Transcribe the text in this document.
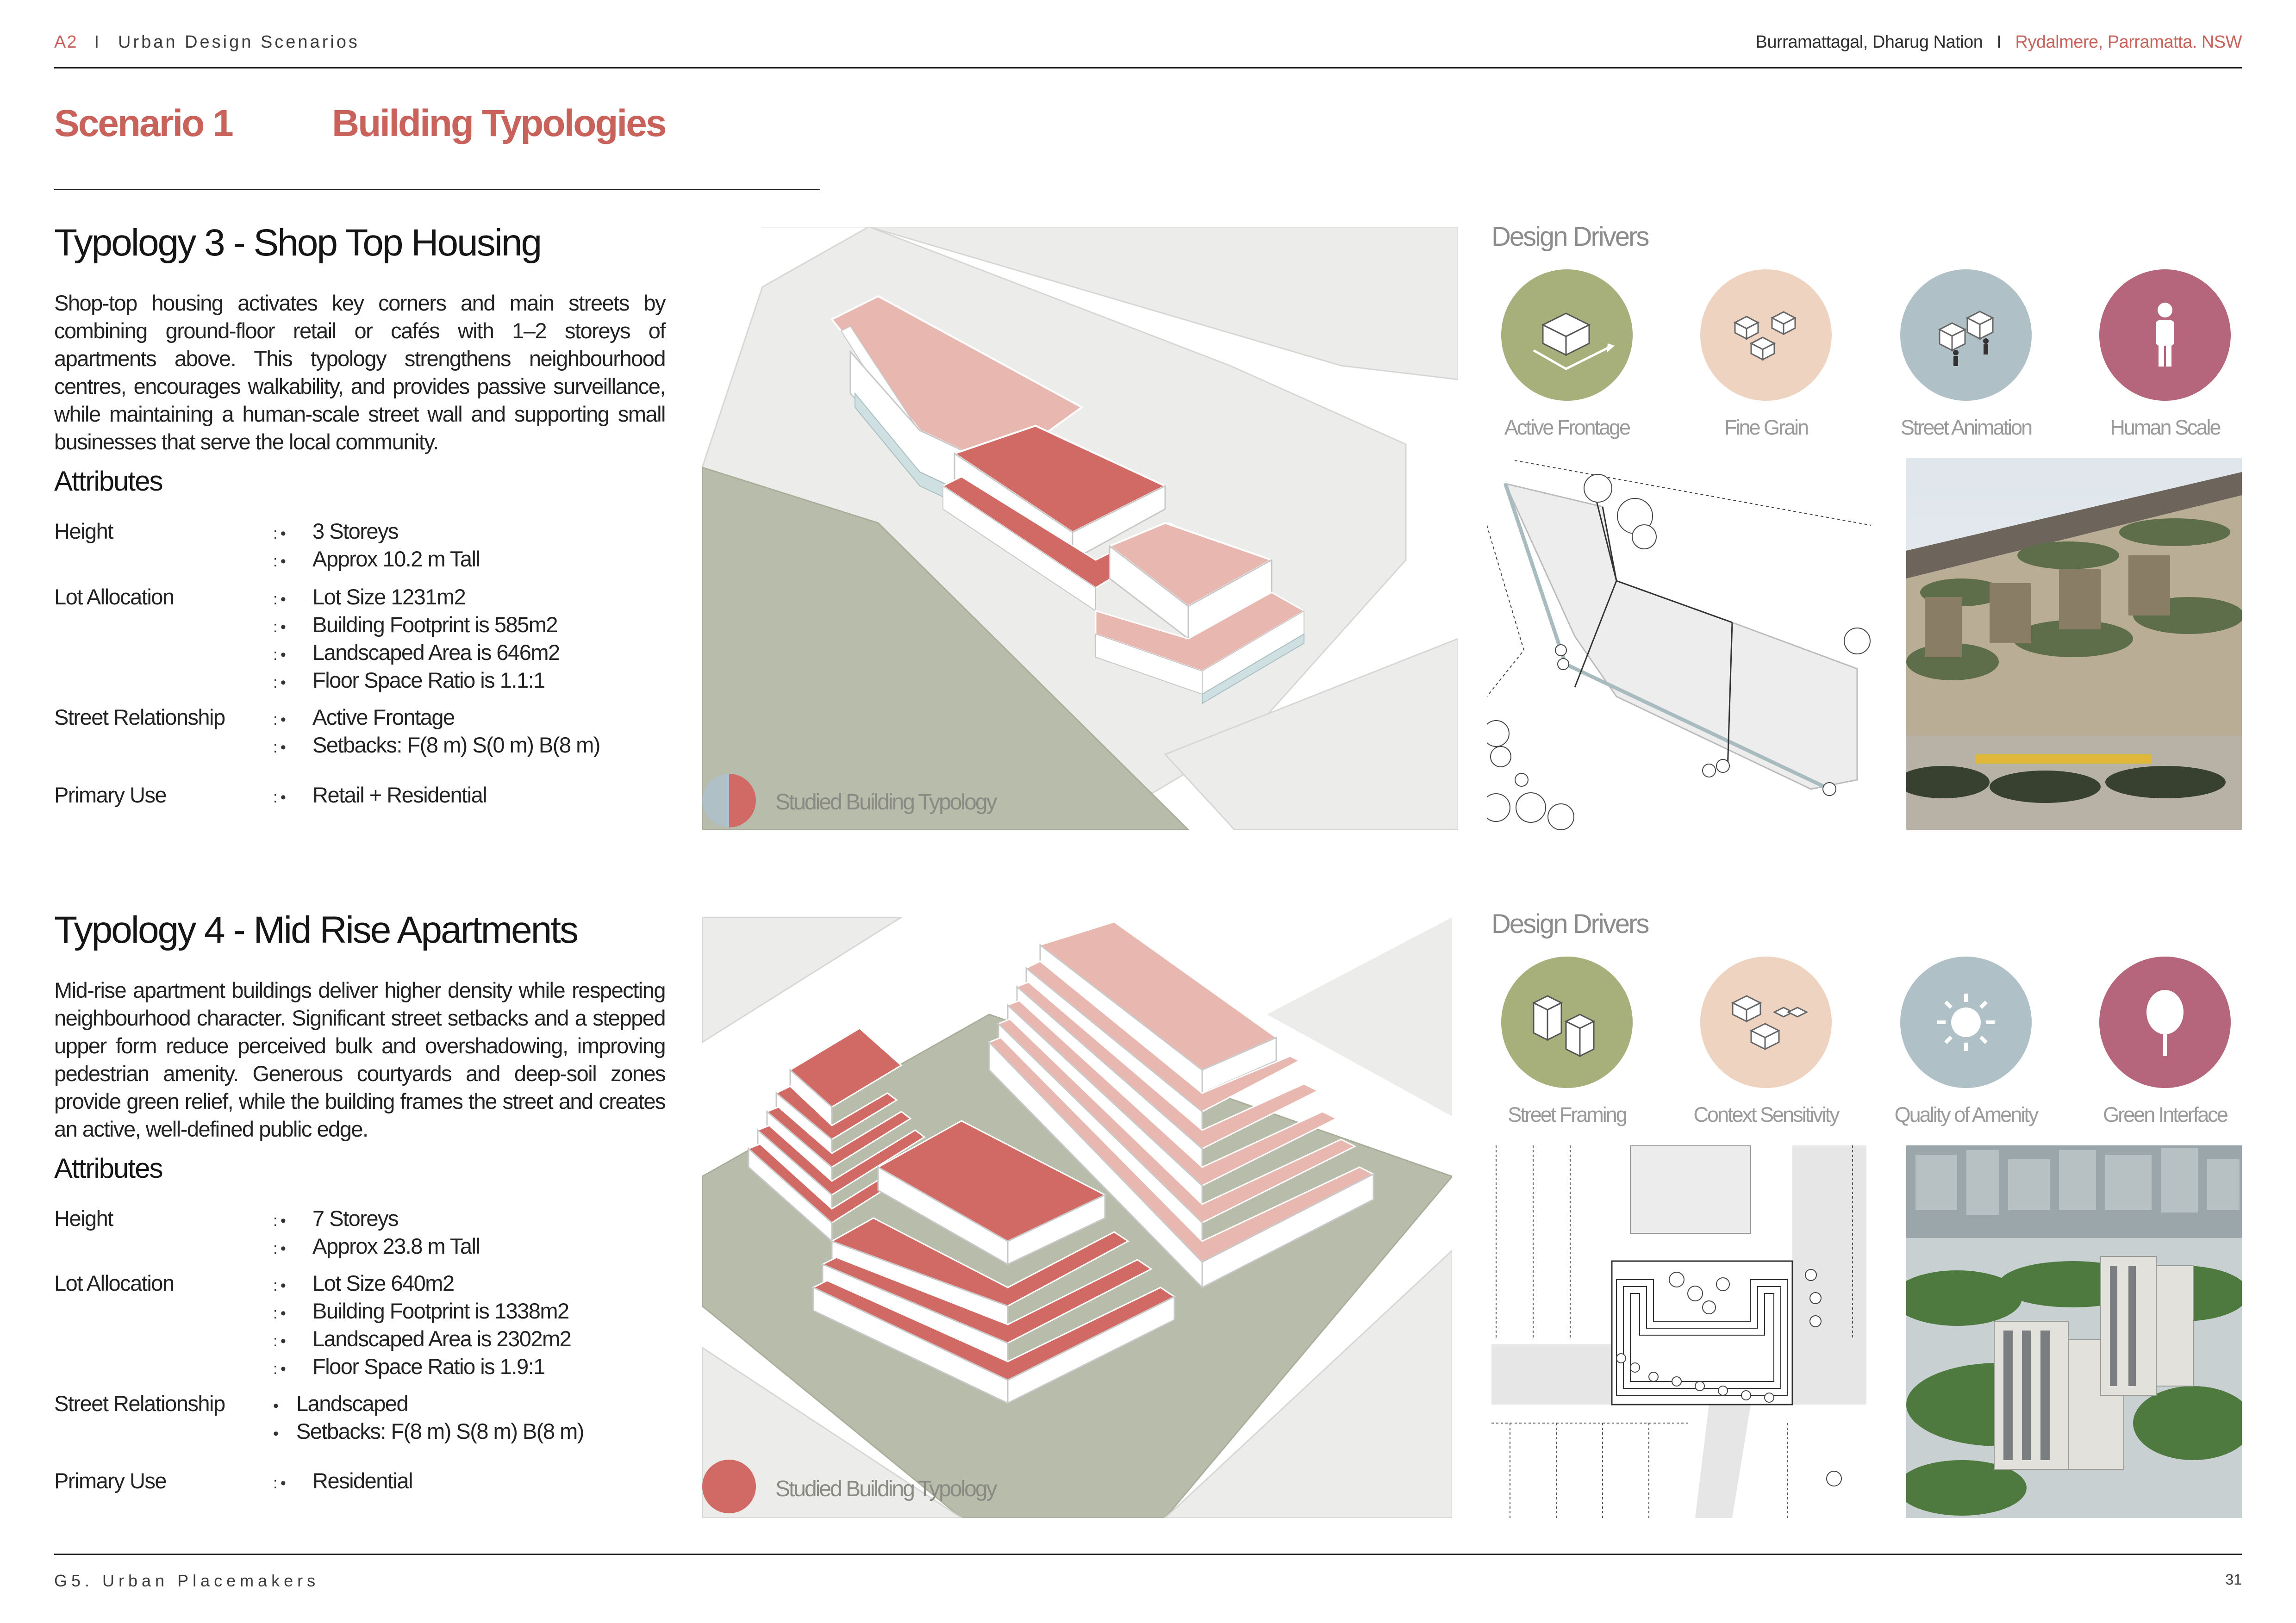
A2 I Urban Design Scenarios	Burramattagal, Dharug Nation I Rydalmere, Parramatta. NSW
Scenario 1	Building Typologies
Typology 3 - Shop Top Housing
Shop-top housing activates key corners and main streets by combining ground-floor retail or cafés with 1–2 storeys of apartments above. This typology strengthens neighbourhood centres, encourages walkability, and provides passive surveillance, while maintaining a human-scale street wall and supporting small businesses that serve the local community.
Attributes
Height	: • 3 Storeys
: • Approx 10.2 m Tall
Lot Allocation	: • Lot Size 1231m2
: • Building Footprint is 585m2
: • Landscaped Area is 646m2
: • Floor Space Ratio is 1.1:1
Street Relationship	: • Active Frontage
: • Setbacks: F(8 m) S(0 m) B(8 m)
Primary Use	: • Retail + Residential	Studied Building Typology
Design Drivers
Active Frontage	Fine Grain	Street Animation	Human Scale
Typology 4 - Mid Rise Apartments
Mid-rise apartment buildings deliver higher density while respecting neighbourhood character. Significant street setbacks and a stepped upper form reduce perceived bulk and overshadowing, improving pedestrian amenity. Generous courtyards and deep-soil zones provide green relief, while the building frames the street and creates an active, well-defined public edge.
Attributes
Height	: • 7 Storeys
: • Approx 23.8 m Tall
Lot Allocation	: • Lot Size 640m2
: • Building Footprint is 1338m2
: • Landscaped Area is 2302m2
: • Floor Space Ratio is 1.9:1
Street Relationship	• Landscaped
• Setbacks: F(8 m) S(8 m) B(8 m)
Primary Use	: • Residential	Studied Building Typology
Design Drivers
Street Framing	Context Sensitivity	Quality of Amenity	Green Interface
G5. Urban Placemakers	31
